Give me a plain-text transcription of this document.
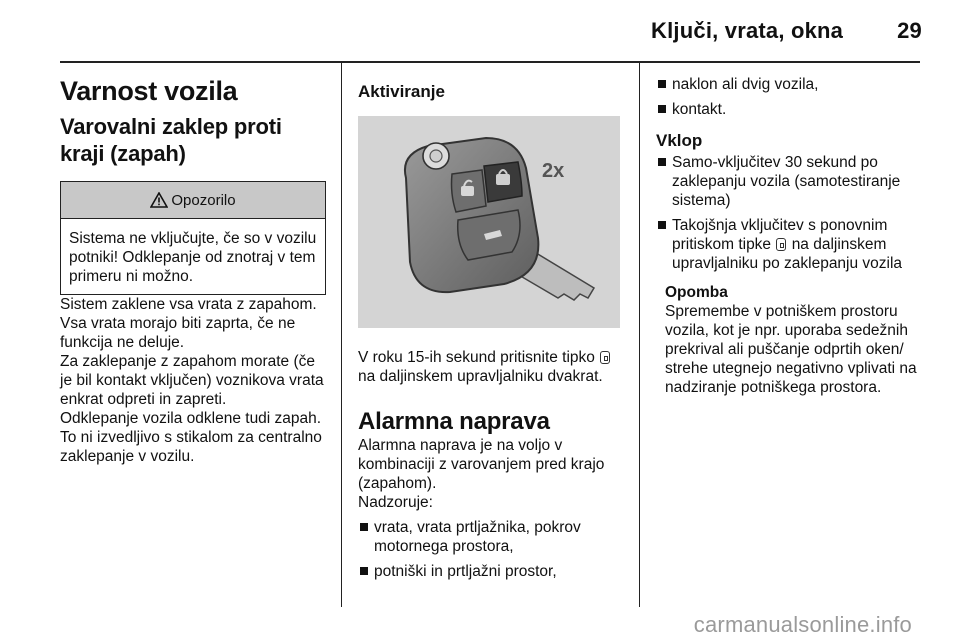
Ključi, vrata, okna 29
Varnost vozila
Varovalni zaklep proti kraji (zapah)
Opozorilo
Sistema ne vključujte, če so v vozilu potniki! Odklepanje od znotraj v tem primeru ni možno.

Sistem zaklene vsa vrata z zapahom. Vsa vrata morajo biti zaprta, če ne funkcija ne deluje.

Za zaklepanje z zapahom morate (če je bil kontakt vključen) voznikova vrata enkrat odpreti in zapreti.

Odklepanje vozila odklene tudi zapah. To ni izvedljivo s stikalom za centralno zaklepanje v vozilu.

Aktiviranje
2x

V roku 15-ih sekund pritisnite tipko  na daljinskem upravljalniku dvakrat.

Alarmna naprava

Alarmna naprava je na voljo v kombinaciji z varovanjem pred krajo (zapahom).

Nadzoruje:

vrata, vrata prtljažnika, pokrov motornega prostora,
potniški in prtljažni prostor,
naklon ali dvig vozila,
kontakt.
Vklop
Samo-vključitev 30 sekund po zaklepanju vozila (samotestiranje sistema)
Takojšnja vključitev s ponovnim pritiskom tipke na daljinskem upravljalniku po zaklepanju vozila
Opomba

Spremembe v potniškem prostoru vozila, kot je npr. uporaba sedežnih prekrival ali puščanje odprtih oken/ strehe utegnejo negativno vplivati na nadziranje potniškega prostora.

carmanualsonline.info
